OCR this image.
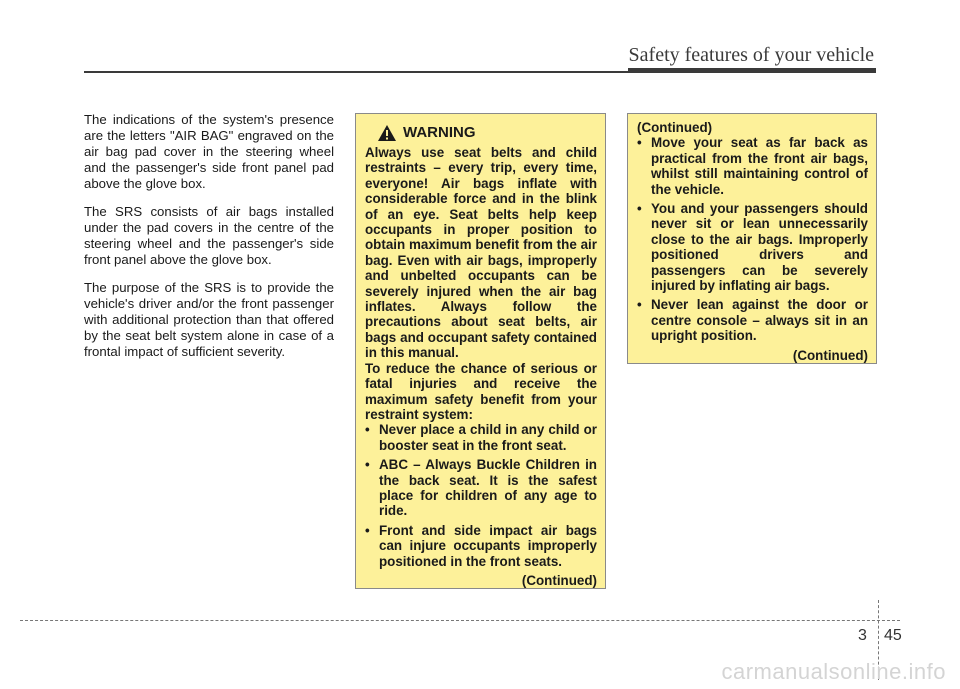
Safety features of your vehicle

The indications of the system's presence are the letters "AIR BAG" engraved on the air bag pad cover in the steering wheel and the passenger's side front panel pad above the glove box.

The SRS consists of air bags installed under the pad covers in the centre of the steering wheel and the passenger's side front panel above the glove box.

The purpose of the SRS is to provide the vehicle's driver and/or the front passenger with additional protection than that offered by the seat belt system alone in case of a frontal impact of sufficient severity.

WARNING

Always use seat belts and child restraints – every trip, every time, everyone! Air bags inflate with considerable force and in the blink of an eye. Seat belts help keep occupants in proper position to obtain maximum benefit from the air bag. Even with air bags, improperly and unbelted occupants can be severely injured when the air bag inflates. Always follow the precautions about seat belts, air bags and occupant safety contained in this manual.

To reduce the chance of serious or fatal injuries and receive the maximum safety benefit from your restraint system:

• Never place a child in any child or booster seat in the front seat.
• ABC – Always Buckle Children in the back seat. It is the safest place for children of any age to ride.
• Front and side impact air bags can injure occupants improperly positioned in the front seats.

(Continued)

(Continued)

• Move your seat as far back as practical from the front air bags, whilst still maintaining control of the vehicle.
• You and your passengers should never sit or lean unnecessarily close to the air bags. Improperly positioned drivers and passengers can be severely injured by inflating air bags.
• Never lean against the door or centre console – always sit in an upright position.

(Continued)

3 45
carmanualsonline.info
